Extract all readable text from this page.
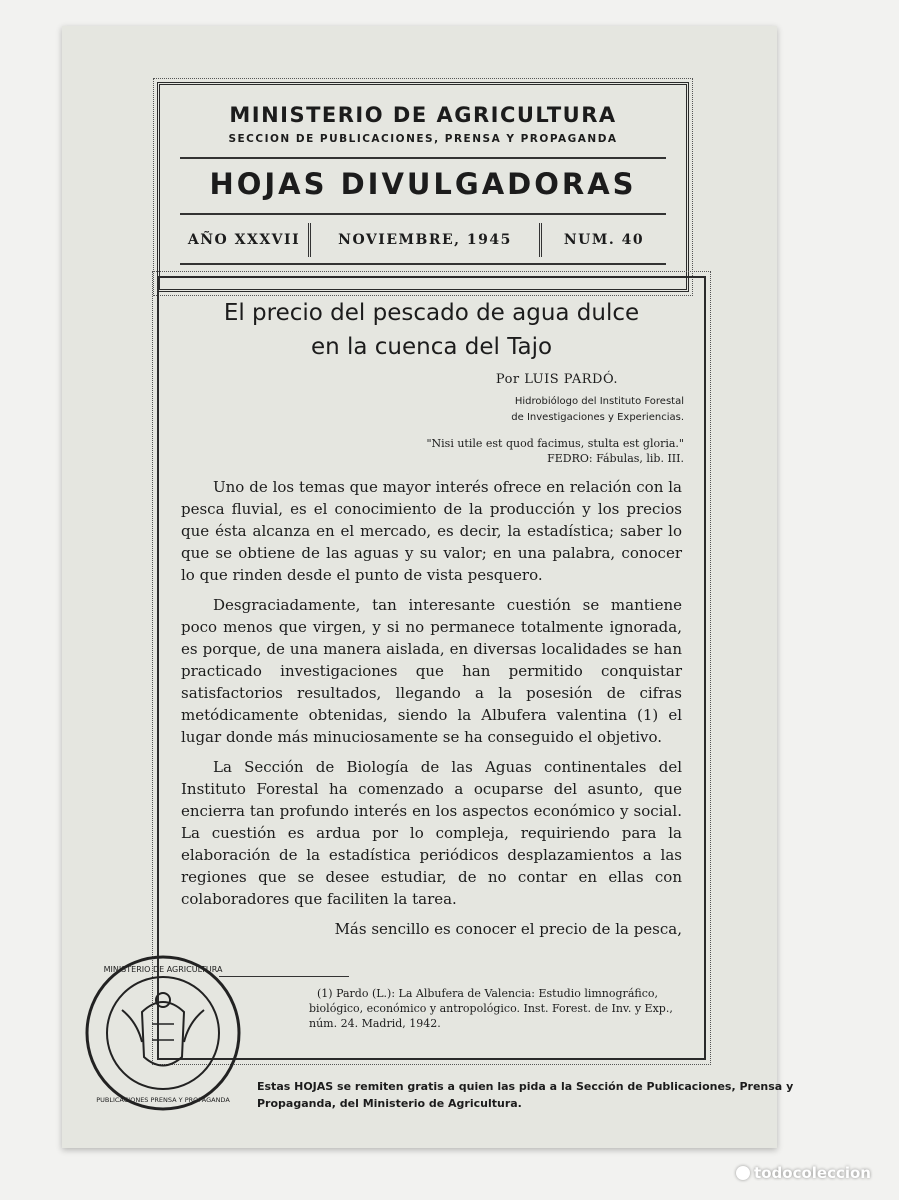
MINISTERIO DE AGRICULTURA
SECCION DE PUBLICACIONES, PRENSA Y PROPAGANDA
HOJAS DIVULGADORAS
AÑO XXXVII	NOVIEMBRE, 1945	NUM. 40
El precio del pescado de agua dulce
en la cuenca del Tajo
Por LUIS PARDÓ.
Hidrobiólogo del Instituto Forestal
de Investigaciones y Experiencias.
"Nisi utile est quod facimus, stulta est gloria."
FEDRO: Fábulas, lib. III.

Uno de los temas que mayor interés ofrece en relación con la pesca fluvial, es el conocimiento de la producción y los precios que ésta alcanza en el mercado, es decir, la estadística; saber lo que se obtiene de las aguas y su valor; en una palabra, conocer lo que rinden desde el punto de vista pesquero.

Desgraciadamente, tan interesante cuestión se mantiene poco menos que virgen, y si no permanece totalmente ignorada, es porque, de una manera aislada, en diversas localidades se han practicado investigaciones que han permitido conquistar satisfactorios resultados, llegando a la posesión de cifras metódicamente obtenidas, siendo la Albufera valentina (1) el lugar donde más minuciosamente se ha conseguido el objetivo.

La Sección de Biología de las Aguas continentales del Instituto Forestal ha comenzado a ocuparse del asunto, que encierra tan profundo interés en los aspectos económico y social. La cuestión es ardua por lo compleja, requiriendo para la elaboración de la estadística periódicos desplazamientos a las regiones que se desee estudiar, de no contar en ellas con colaboradores que faciliten la tarea.

Más sencillo es conocer el precio de la pesca,

(1) Pardo (L.): La Albufera de Valencia: Estudio limnográfico, biológico, económico y antropológico. Inst. Forest. de Inv. y Exp., núm. 24. Madrid, 1942.
Estas HOJAS se remiten gratis a quien las pida a la Sección de Publicaciones, Prensa y Propaganda, del Ministerio de Agricultura.
MINISTERIO DE AGRICULTURA
PUBLICACIONES PRENSA Y PROPAGANDA
todocoleccion
